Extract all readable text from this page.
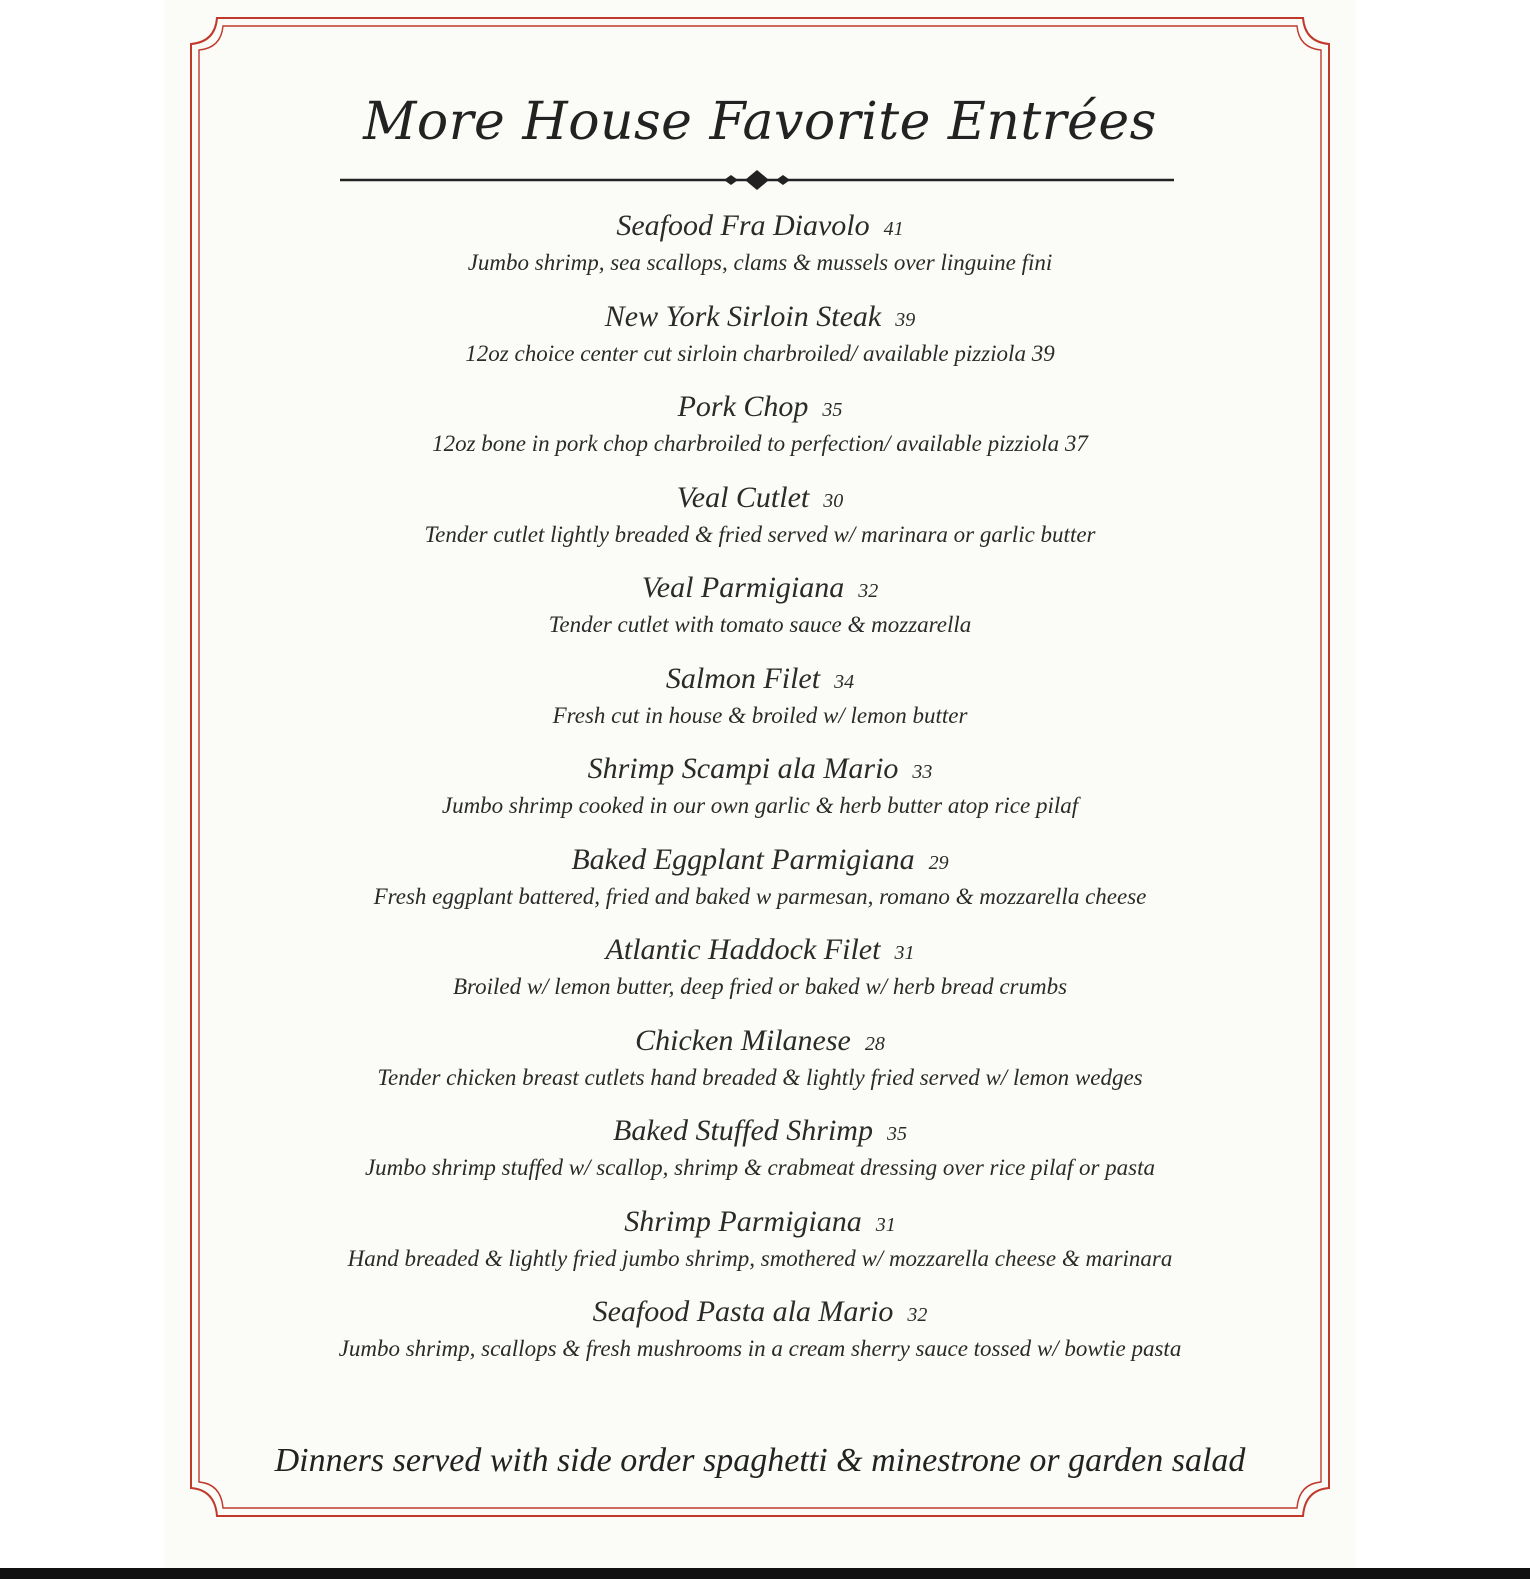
More House Favorite Entrées
Seafood Fra Diavolo 41
Jumbo shrimp, sea scallops, clams & mussels over linguine fini
New York Sirloin Steak 39
12oz choice center cut sirloin charbroiled/ available pizziola 39
Pork Chop 35
12oz bone in pork chop charbroiled to perfection/ available pizziola 37
Veal Cutlet 30
Tender cutlet lightly breaded & fried served w/ marinara or garlic butter
Veal Parmigiana 32
Tender cutlet with tomato sauce & mozzarella
Salmon Filet 34
Fresh cut in house & broiled w/ lemon butter
Shrimp Scampi ala Mario 33
Jumbo shrimp cooked in our own garlic & herb butter atop rice pilaf
Baked Eggplant Parmigiana 29
Fresh eggplant battered, fried and baked w parmesan, romano & mozzarella cheese
Atlantic Haddock Filet 31
Broiled w/ lemon butter, deep fried or baked w/ herb bread crumbs
Chicken Milanese 28
Tender chicken breast cutlets hand breaded & lightly fried served w/ lemon wedges
Baked Stuffed Shrimp 35
Jumbo shrimp stuffed w/ scallop, shrimp & crabmeat dressing over rice pilaf or pasta
Shrimp Parmigiana 31
Hand breaded & lightly fried jumbo shrimp, smothered w/ mozzarella cheese & marinara
Seafood Pasta ala Mario 32
Jumbo shrimp, scallops & fresh mushrooms in a cream sherry sauce tossed w/ bowtie pasta

Dinners served with side order spaghetti & minestrone or garden salad
